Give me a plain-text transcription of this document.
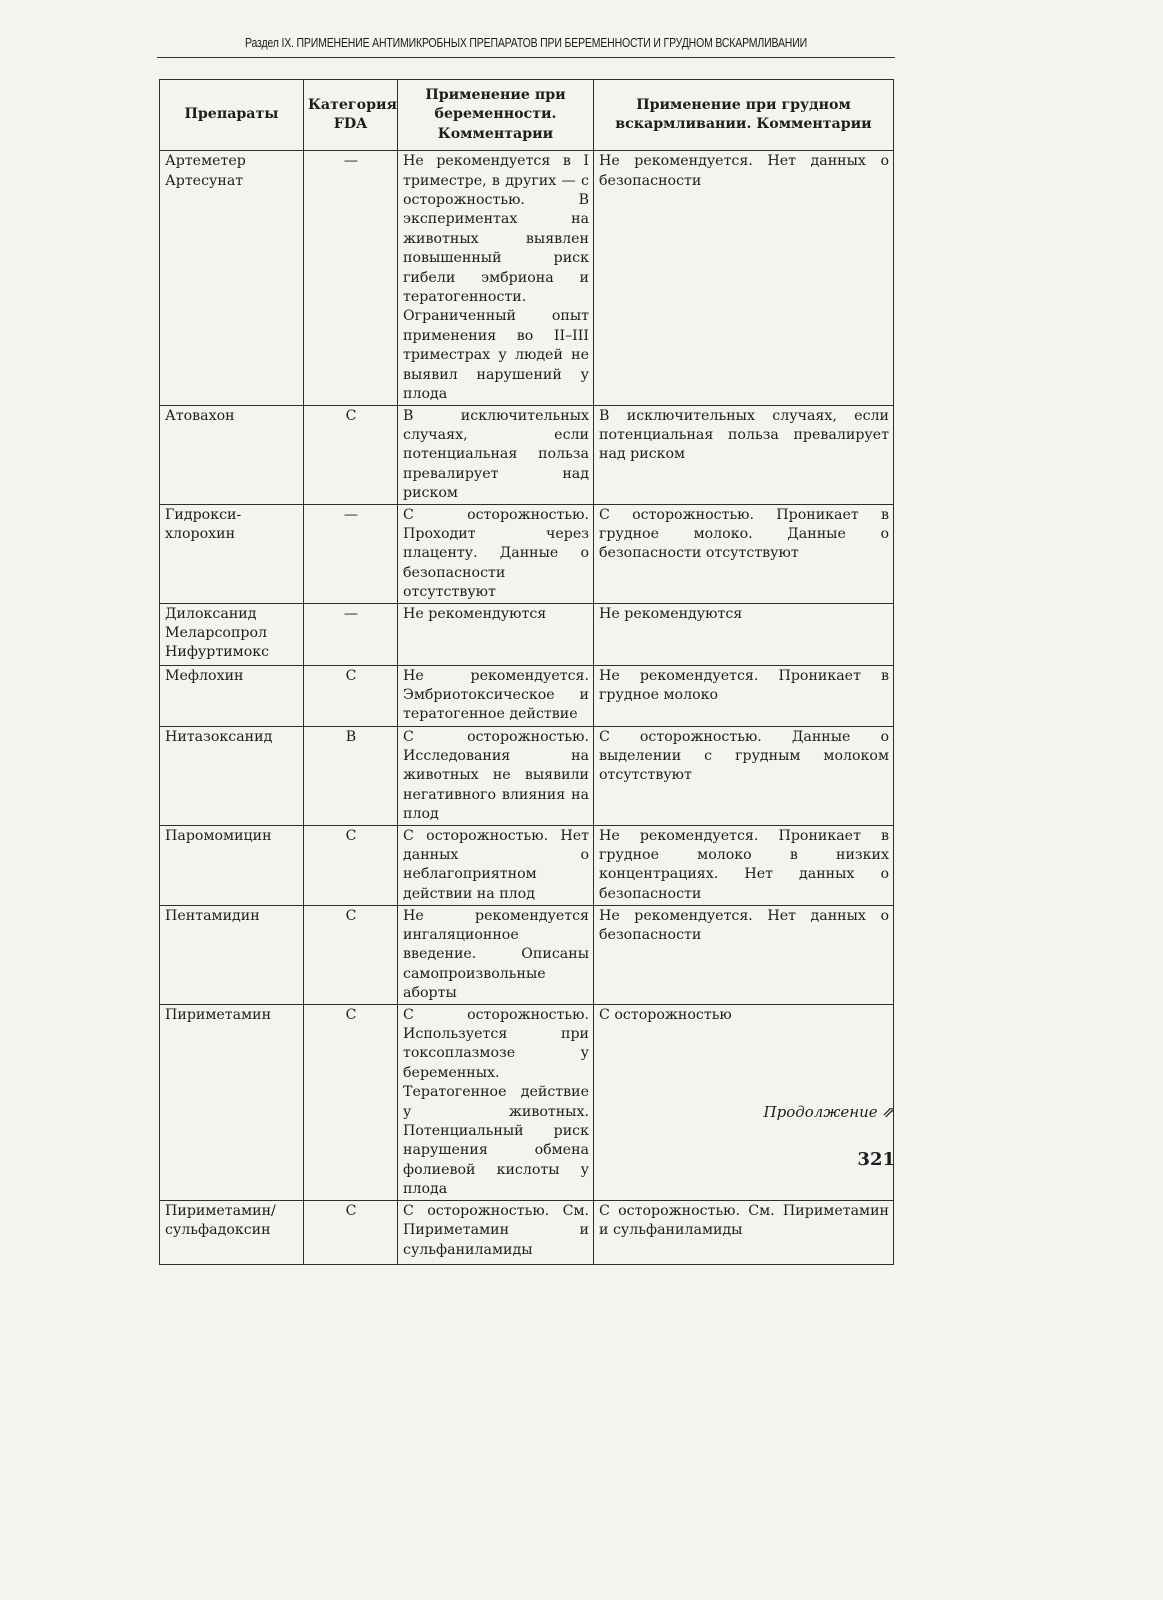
Раздел IX. ПРИМЕНЕНИЕ АНТИМИКРОБНЫХ ПРЕПАРАТОВ ПРИ БЕРЕМЕННОСТИ И ГРУДНОМ ВСКАРМЛИВАНИИ
Препараты	Категория FDA	Применение при беременности. Комментарии	Применение при грудном вскармливании. Комментарии
Артеметер Артесунат	—	Не рекомендуется в I триместре, в других — с осторожностью. В экспериментах на животных выявлен повышенный риск гибели эмбриона и тератогенности. Ограниченный опыт применения во II–III триместрах у людей не выявил нарушений у плода	Не рекомендуется. Нет данных о безопасности
Атовахон	C	В исключительных случаях, если потенциальная польза превалирует над риском	В исключительных случаях, если потенциальная польза превалирует над риском
Гидрокси-хлорохин	—	С осторожностью. Проходит через плаценту. Данные о безопасности отсутствуют	С осторожностью. Проникает в грудное молоко. Данные о безопасности отсутствуют
Дилоксанид Меларсопрол Нифуртимокс	—	Не рекомендуются	Не рекомендуются
Мефлохин	C	Не рекомендуется. Эмбриотоксическое и тератогенное действие	Не рекомендуется. Проникает в грудное молоко
Нитазоксанид	B	С осторожностью. Исследования на животных не выявили негативного влияния на плод	С осторожностью. Данные о выделении с грудным молоком отсутствуют
Паромомицин	C	С осторожностью. Нет данных о неблагоприятном действии на плод	Не рекомендуется. Проникает в грудное молоко в низких концентрациях. Нет данных о безопасности
Пентамидин	C	Не рекомендуется ингаляционное введение. Описаны самопроизвольные аборты	Не рекомендуется. Нет данных о безопасности
Пириметамин	C	С осторожностью. Используется при токсоплазмозе у беременных. Тератогенное действие у животных. Потенциальный риск нарушения обмена фолиевой кислоты у плода	С осторожностью
Пириметамин/ сульфадоксин	C	С осторожностью. См. Пириметамин и сульфаниламиды	С осторожностью. См. Пириметамин и сульфаниламиды
Продолжение ⇗
321
